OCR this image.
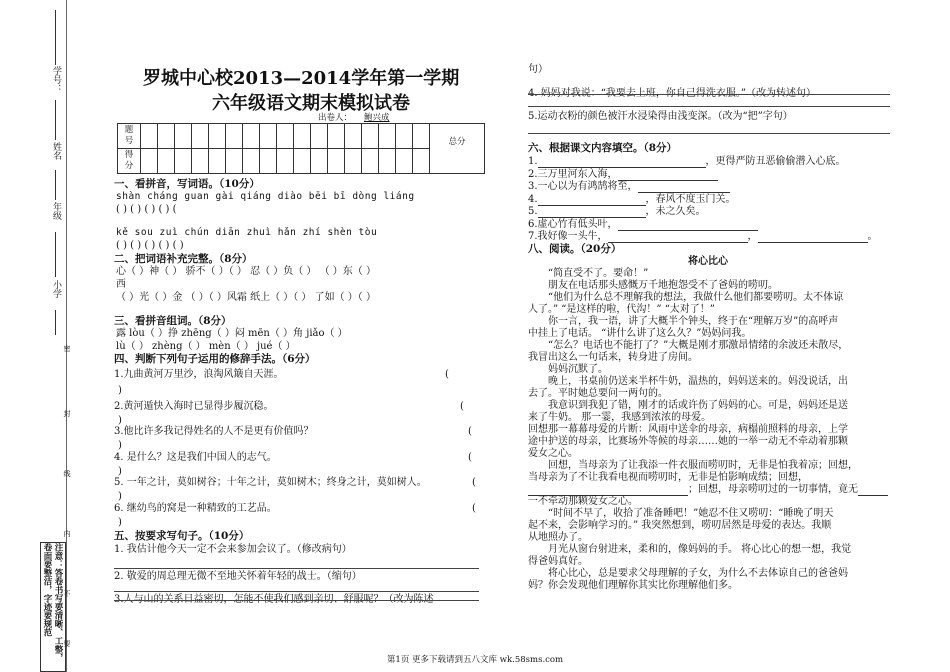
学号：
姓名
年级
小学
密
封
线
内
不
要
注意：答卷书写要清晰、工整，卷面要整洁，字迹要规范
罗城中心校2013—2014学年第一学期
六年级语文期末模拟试卷
出卷人： 鲍兴成
题
号																		总分

得
分																		
一、看拼音，写词语。（10分）
shàn cháng guan gài qiáng diào bēi bī dòng liáng
( ) ( ) ( ) ( ) (
kě sou zuì chún diān zhuì hǎn zhí shèn tòu
( ) ( ) ( ) ( ) ( )
二、把词语补充完整。（8分）
心（ ）神（ ） 骄不（ ）（ ） 忍（ ）负（ ） （ ）东（ ）
西
（ ）光（ ）金 （ ）（ ）风霜 纸上（ ）（ ） 了如（ ）（ ）
三、看拼音组词。（8分）
露 lòu（ ）挣 zhēng（ ）闷 mēn（ ）角 jiǎo（ ）
lù（ ） zhèng（ ） mèn（ ） jué（ ）
四、判断下列句子运用的修辞手法。（6分）
1.九曲黄河万里沙，浪淘风簸自天涯。	(
)
2.黄河遁快入海时已显得步履沉稳。	(
)
3.他比许多我记得姓名的人不是更有价值吗？	(
)
4. 是什么？这是我们中国人的志气。	(
)
5. 一年之计，莫如树谷；十年之计，莫如树木；终身之计，莫如树人。	(
)
6. 继幼鸟的窝是一种精致的工艺品。	(
)
五、按要求写句子。（10分）
1. 我估计他今天一定不会来参加会议了。（修改病句）
2. 敬爱的周总理无微不至地关怀着年轻的战士。（缩句）
3.人与山的关系日益密切，怎能不使我们感到亲切、舒服呢？（改为陈述
句）
4. 妈妈对我说：“我要去上班，你自己得洗衣服。”（改为转述句）
5.运动衣粉的颜色被汗水浸染得由浅变深。（改为“把”字句）
六、根据课文内容填空。（8分）
1.	，更得严防丑恶偷偷潜入心底。
2.三万里河东入海，
3.一心以为有鸿鹄将至，
4.	，春风不度玉门关。
5.	，未之久矣。
6.虚心竹有低头叶，
7.我好像一头牛，	，	。
八、阅读。（20分）
将心比心
“简直受不了。要命！”
朋友在电话那头感慨万千地抱怨受不了爸妈的唠叨。
“他们为什么总不理解我的想法，我做什么他们都要唠叨。太不体谅
人了。” “是这样的啦，代沟！” “太对了！”
你一言，我一语，讲了大概半个钟头，终于在“理解万岁”的高呼声
中挂上了电话。 “讲什么讲了这么久？”妈妈问我。
“怎么？电话也不能打了？”大概是刚才那激昂情绪的余波还未散尽，
我冒出这么一句话来，转身进了房间。
妈妈沉默了。
晚上，书桌前仍送来半杯牛奶，温热的，妈妈送来的。妈没说话，出
去了。平时她总要问一两句的。
我意识到我犯了错，刚才的话或许伤了妈妈的心。可是，妈妈还是送
来了牛奶。 那一霎，我感到浓浓的母爱。
回想那一幕幕母爱的片断：风雨中送伞的母亲，病榻前照料的母亲，上学
途中护送的母亲，比赛场外等候的母亲……她的一举一动无不牵动着那颗
爱女之心。
回想，当母亲为了让我添一件衣服而唠叨时，无非是怕我着凉；回想，
当母亲为了不让我看电视而唠叨时，无非是怕影响成绩；回想，
；回想，母亲唠叨过的一切事情，竟无
一不牵动那颗爱女之心。
“时间不早了，收拾了准备睡吧！”她忍不住又唠叨：“睡晚了明天
起不来，会影响学习的。” 我突然想到，唠叨居然是母爱的表达。我顺
从地照办了。
月光从窗台射进来，柔和的，像妈妈的手。 将心比心的想一想，我觉
得爸妈真好。
将心比心，总是要求父母理解的子女，为什么不去体谅自己的爸爸妈
妈？你会发现他们理解你其实比你理解他们多。
第1页 更多下载请到五八文库 wk.58sms.com
